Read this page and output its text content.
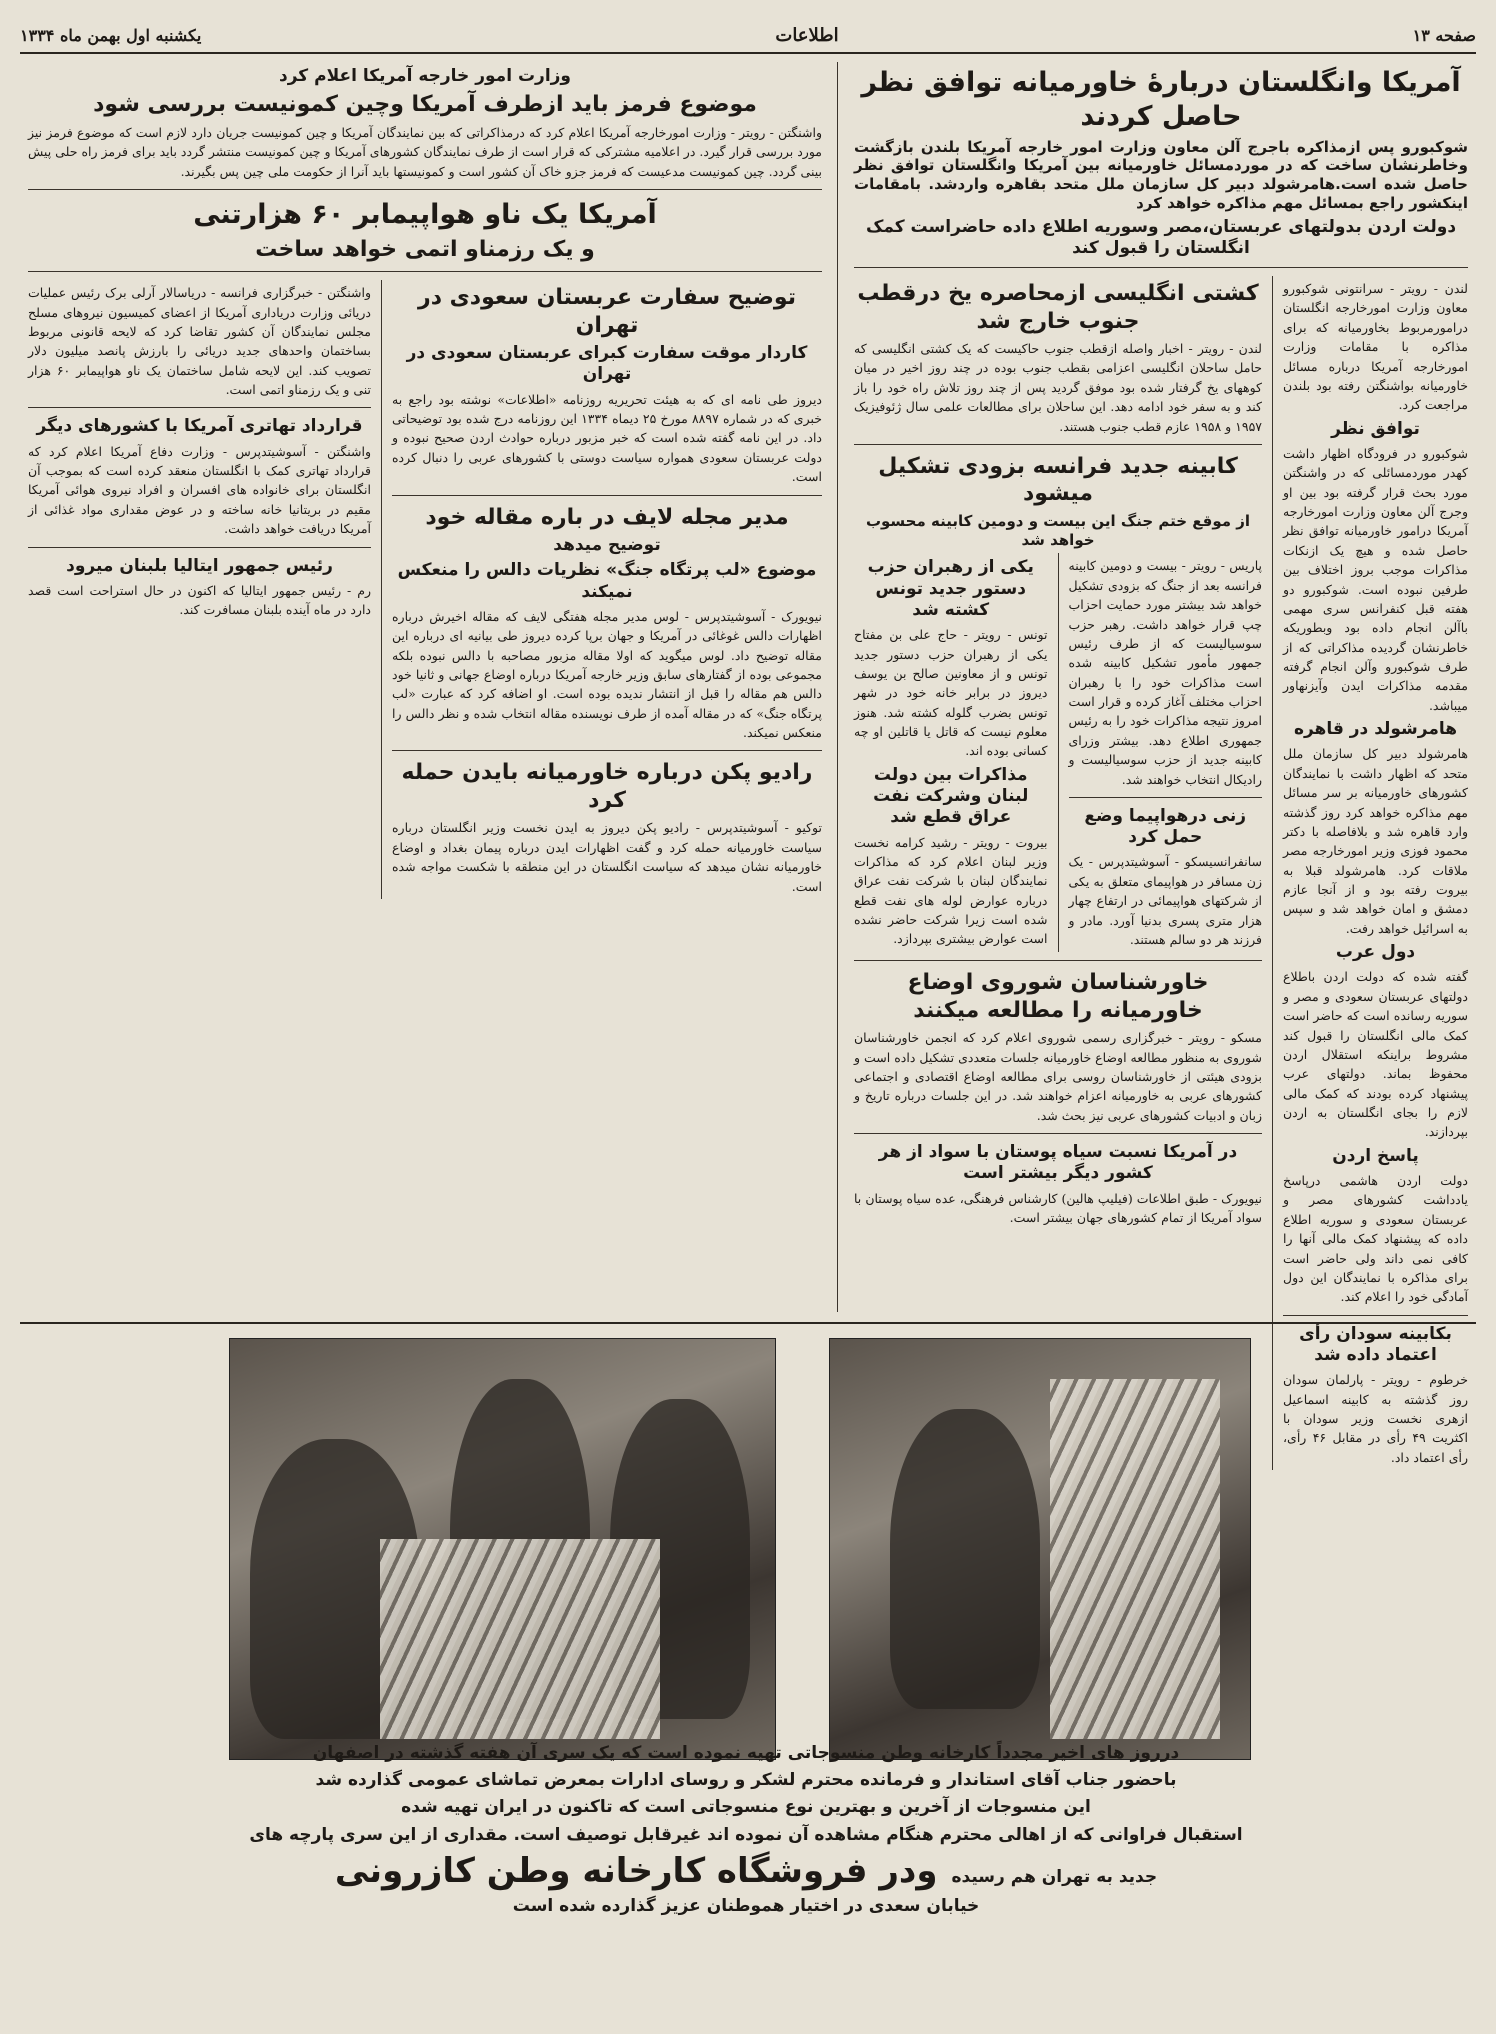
صفحه ۱۳
اطلاعات
یکشنبه اول بهمن ماه ۱۳۳۴
آمریکا وانگلستان دربارهٔ خاورمیانه توافق نظر حاصل کردند
شوکبورو پس ازمذاکره باجرج آلن معاون وزارت امور خارجه آمریکا بلندن بازگشت وخاطرنشان ساخت که در موردمسائل خاورمیانه بین آمریکا وانگلستان توافق نظر حاصل شده است.هامرشولد دبیر کل سازمان ملل متحد بقاهره واردشد. بامقامات اینکشور راجع بمسائل مهم مذاکره خواهد کرد
دولت اردن بدولتهای عربستان،مصر وسوریه اطلاع داده حاضراست کمک انگلستان را قبول کند

لندن - رویتر - سرانتونی شوکبورو معاون وزارت امورخارجه انگلستان درامورمربوط بخاورمیانه که برای مذاکره با مقامات وزارت امورخارجه آمریکا درباره مسائل خاورمیانه بواشنگتن رفته بود بلندن مراجعت کرد.

توافق نظر

شوکبورو در فرودگاه اظهار داشت کهدر موردمسائلی که در واشنگتن مورد بحث قرار گرفته بود بین او وجرج آلن معاون وزارت امورخارجه آمریکا درامور خاورمیانه توافق نظر حاصل شده و هیچ یک ازنکات مذاکرات موجب بروز اختلاف بین طرفین نبوده است. شوکبورو دو هفته قبل کنفرانس سری مهمی باآلن انجام داده بود وبطوریکه خاطرنشان گردیده مذاکراتی که از طرف شوکبورو وآلن انجام گرفته مقدمه مذاکرات ایدن وآیزنهاور میباشد.

هامرشولد در قاهره

هامرشولد دبیر کل سازمان ملل متحد که اظهار داشت با نمایندگان کشورهای خاورمیانه بر سر مسائل مهم مذاکره خواهد کرد روز گذشته وارد قاهره شد و بلافاصله با دکتر محمود فوزی وزیر امورخارجه مصر ملاقات کرد. هامرشولد قبلا به بیروت رفته بود و از آنجا عازم دمشق و امان خواهد شد و سپس به اسرائیل خواهد رفت.

دول عرب

گفته شده که دولت اردن باطلاع دولتهای عربستان سعودی و مصر و سوریه رسانده است که حاضر است کمک مالی انگلستان را قبول کند مشروط براینکه استقلال اردن محفوظ بماند. دولتهای عرب پیشنهاد کرده بودند که کمک مالی لازم را بجای انگلستان به اردن بپردازند.

پاسخ اردن

دولت اردن هاشمی درپاسخ یادداشت کشورهای مصر و عربستان سعودی و سوریه اطلاع داده که پیشنهاد کمک مالی آنها را کافی نمی داند ولی حاضر است برای مذاکره با نمایندگان این دول آمادگی خود را اعلام کند.

بکابینه سودان رأی اعتماد داده شد

خرطوم - رویتر - پارلمان سودان روز گذشته به کابینه اسماعیل ازهری نخست وزیر سودان با اکثریت ۴۹ رأی در مقابل ۴۶ رأی، رأی اعتماد داد.

کشتی انگلیسی ازمحاصره یخ درقطب جنوب خارج شد

لندن - رویتر - اخبار واصله ازقطب جنوب حاکیست که یک کشتی انگلیسی که حامل ساحلان انگلیسی اعزامی بقطب جنوب بوده در چند روز اخیر در میان کوههای یخ گرفتار شده بود موفق گردید پس از چند روز تلاش راه خود را باز کند و به سفر خود ادامه دهد. این ساحلان برای مطالعات علمی سال ژئوفیزیک ۱۹۵۷ و ۱۹۵۸ عازم قطب جنوب هستند.

کابینه جدید فرانسه بزودی تشکیل میشود
از موقع ختم جنگ این بیست و دومین کابینه محسوب خواهد شد

پاریس - رویتر - بیست و دومین کابینه فرانسه بعد از جنگ که بزودی تشکیل خواهد شد بیشتر مورد حمایت احزاب چپ قرار خواهد داشت. رهبر حزب سوسیالیست که از طرف رئیس جمهور مأمور تشکیل کابینه شده است مذاکرات خود را با رهبران احزاب مختلف آغاز کرده و قرار است امروز نتیجه مذاکرات خود را به رئیس جمهوری اطلاع دهد. بیشتر وزرای کابینه جدید از حزب سوسیالیست و رادیکال انتخاب خواهند شد.

زنی درهواپیما وضع حمل کرد

سانفرانسیسکو - آسوشیتدپرس - یک زن مسافر در هواپیمای متعلق به یکی از شرکتهای هواپیمائی در ارتفاع چهار هزار متری پسری بدنیا آورد. مادر و فرزند هر دو سالم هستند.

یکی از رهبران حزب دستور جدید تونس کشته شد

تونس - رویتر - حاج علی بن مفتاح یکی از رهبران حزب دستور جدید تونس و از معاونین صالح بن یوسف دیروز در برابر خانه خود در شهر تونس بضرب گلوله کشته شد. هنوز معلوم نیست که قاتل یا قاتلین او چه کسانی بوده اند.

مذاکرات بین دولت لبنان وشرکت نفت عراق قطع شد

بیروت - رویتر - رشید کرامه نخست وزیر لبنان اعلام کرد که مذاکرات نمایندگان لبنان با شرکت نفت عراق درباره عوارض لوله های نفت قطع شده است زیرا شرکت حاضر نشده است عوارض بیشتری بپردازد.

خاورشناسان شوروی اوضاع خاورمیانه را مطالعه میکنند

مسکو - رویتر - خبرگزاری رسمی شوروی اعلام کرد که انجمن خاورشناسان شوروی به منظور مطالعه اوضاع خاورمیانه جلسات متعددی تشکیل داده است و بزودی هیئتی از خاورشناسان روسی برای مطالعه اوضاع اقتصادی و اجتماعی کشورهای عربی به خاورمیانه اعزام خواهند شد. در این جلسات درباره تاریخ و زبان و ادبیات کشورهای عربی نیز بحث شد.

در آمریکا نسبت سیاه پوستان با سواد از هر کشور دیگر بیشتر است

نیویورک - طبق اطلاعات (فیلیپ هالین) کارشناس فرهنگی، عده سیاه پوستان با سواد آمریکا از تمام کشورهای جهان بیشتر است.

وزارت امور خارجه آمریکا اعلام کرد
موضوع فرمز باید ازطرف آمریکا وچین کمونیست بررسی شود

واشنگتن - رویتر - وزارت امورخارجه آمریکا اعلام کرد که درمذاکراتی که بین نمایندگان آمریکا و چین کمونیست جریان دارد لازم است که موضوع فرمز نیز مورد بررسی قرار گیرد. در اعلامیه مشترکی که قرار است از طرف نمایندگان کشورهای آمریکا و چین کمونیست منتشر گردد باید برای فرمز راه حلی پیش بینی گردد. چین کمونیست مدعیست که فرمز جزو خاک آن کشور است و کمونیستها باید آنرا از حکومت ملی چین پس بگیرند.

آمریکا یک ناو هواپیمابر ۶۰ هزارتنی
و یک رزمناو اتمی خواهد ساخت
توضیح سفارت عربستان سعودی در تهران
کاردار موقت سفارت کبرای عربستان سعودی در تهران

دیروز طی نامه ای که به هیئت تحریریه روزنامه «اطلاعات» نوشته بود راجع به خبری که در شماره ۸۸۹۷ مورخ ۲۵ دیماه ۱۳۳۴ این روزنامه درج شده بود توضیحاتی داد. در این نامه گفته شده است که خبر مزبور درباره حوادث اردن صحیح نبوده و دولت عربستان سعودی همواره سیاست دوستی با کشورهای عربی را دنبال کرده است.

مدیر مجله لایف در باره مقاله خود
توضیح میدهد
موضوع «لب پرتگاه جنگ» نظریات دالس را منعکس نمیکند

نیویورک - آسوشیتدپرس - لوس مدیر مجله هفتگی لایف که مقاله اخیرش درباره اظهارات دالس غوغائی در آمریکا و جهان برپا کرده دیروز طی بیانیه ای درباره این مقاله توضیح داد. لوس میگوید که اولا مقاله مزبور مصاحبه با دالس نبوده بلکه مجموعی بوده از گفتارهای سابق وزیر خارجه آمریکا درباره اوضاع جهانی و ثانیا خود دالس هم مقاله را قبل از انتشار ندیده بوده است. او اضافه کرد که عبارت «لب پرتگاه جنگ» که در مقاله آمده از طرف نویسنده مقاله انتخاب شده و نظر دالس را منعکس نمیکند.

رادیو پکن درباره خاورمیانه بایدن حمله کرد

توکیو - آسوشیتدپرس - رادیو پکن دیروز به ایدن نخست وزیر انگلستان درباره سیاست خاورمیانه حمله کرد و گفت اظهارات ایدن درباره پیمان بغداد و اوضاع خاورمیانه نشان میدهد که سیاست انگلستان در این منطقه با شکست مواجه شده است.

واشنگتن - خبرگزاری فرانسه - دریاسالار آرلی برک رئیس عملیات دریائی وزارت دریاداری آمریکا از اعضای کمیسیون نیروهای مسلح مجلس نمایندگان آن کشور تقاضا کرد که لایحه قانونی مربوط بساختمان واحدهای جدید دریائی را بارزش پانصد میلیون دلار تصویب کند. این لایحه شامل ساختمان یک ناو هواپیمابر ۶۰ هزار تنی و یک رزمناو اتمی است.

قرارداد تهاتری آمریکا با کشورهای دیگر

واشنگتن - آسوشیتدپرس - وزارت دفاع آمریکا اعلام کرد که قرارداد تهاتری کمک با انگلستان منعقد کرده است که بموجب آن انگلستان برای خانواده های افسران و افراد نیروی هوائی آمریکا مقیم در بریتانیا خانه ساخته و در عوض مقداری مواد غذائی از آمریکا دریافت خواهد داشت.

رئیس جمهور ایتالیا بلبنان میرود

رم - رئیس جمهور ایتالیا که اکنون در حال استراحت است قصد دارد در ماه آینده بلبنان مسافرت کند.

درروز های اخیر مجدداً کارخانه وطن منسوجاتی تهیه نموده است که یک سری آن هفته گذشته در اصفهان
باحضور جناب آقای استاندار و فرمانده محترم لشکر و روسای ادارات بمعرض تماشای عمومی گذارده شد
این منسوجات از آخرین و بهترین نوع منسوجاتی است که تاکنون در ایران تهیه شده
استقبال فراوانی که از اهالی محترم هنگام مشاهده آن نموده اند غیرقابل توصیف است. مقداری از این سری پارچه های
جدید به تهران هم رسیده
ودر فروشگاه کارخانه وطن کازرونی
خیابان سعدی در اختیار هموطنان عزیز گذارده شده است
